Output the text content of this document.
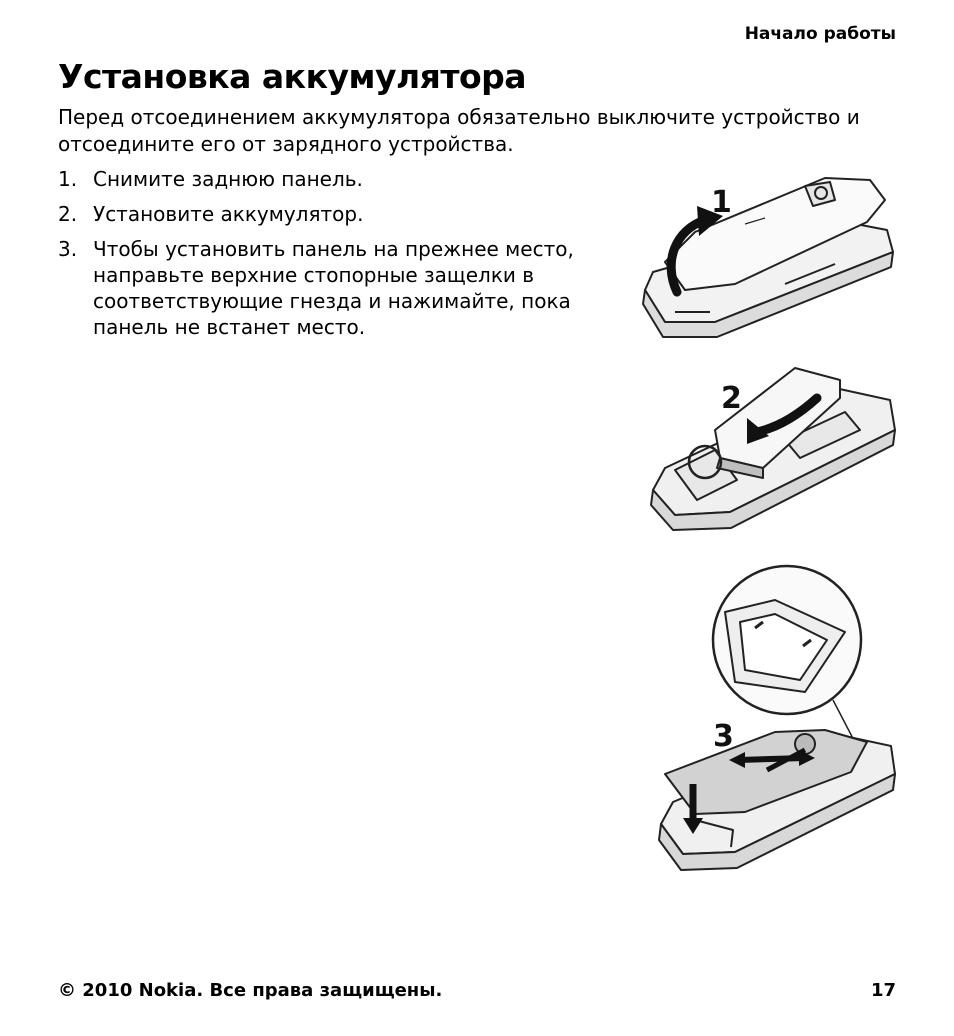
Начало работы
Установка аккумулятора

Перед отсоединением аккумулятора обязательно выключите устройство и отсоедините его от зарядного устройства.

1. Снимите заднюю панель.
2. Установите аккумулятор.
3. Чтобы установить панель на прежнее место, направьте верхние стопорные защелки в соответствующие гнезда и нажимайте, пока панель не встанет место.
1
2
3
© 2010 Nokia. Все права защищены.	17
